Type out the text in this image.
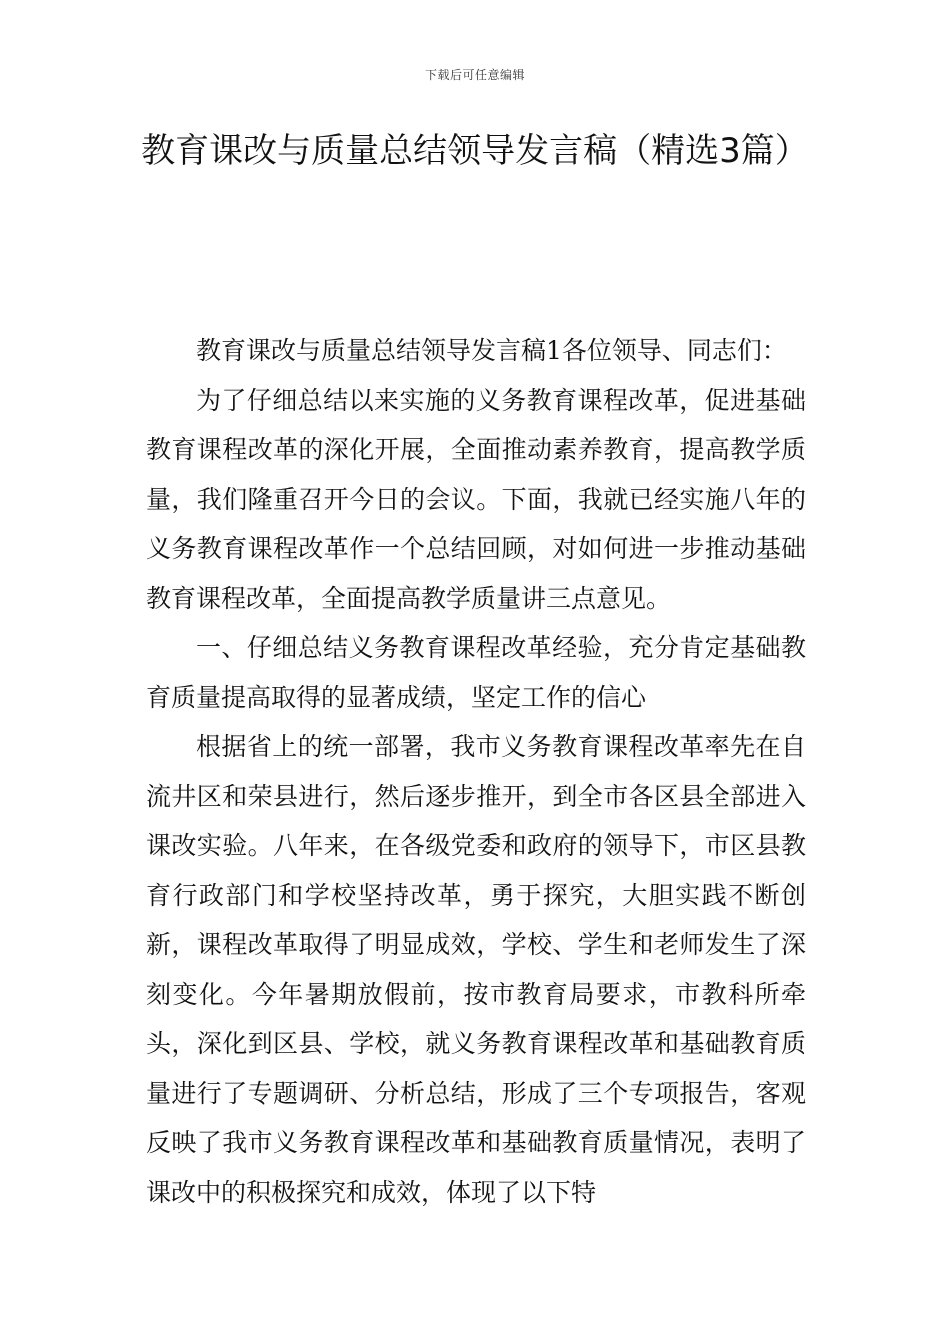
下载后可任意编辑
教育课改与质量总结领导发言稿（精选3篇）

教育课改与质量总结领导发言稿1各位领导、同志们：

为了仔细总结以来实施的义务教育课程改革，促进基础教育课程改革的深化开展，全面推动素养教育，提高教学质量，我们隆重召开今日的会议。下面，我就已经实施八年的义务教育课程改革作一个总结回顾，对如何进一步推动基础教育课程改革，全面提高教学质量讲三点意见。

一、仔细总结义务教育课程改革经验，充分肯定基础教育质量提高取得的显著成绩，坚定工作的信心

根据省上的统一部署，我市义务教育课程改革率先在自流井区和荣县进行，然后逐步推开，到全市各区县全部进入课改实验。八年来，在各级党委和政府的领导下，市区县教育行政部门和学校坚持改革，勇于探究，大胆实践不断创新，课程改革取得了明显成效，学校、学生和老师发生了深刻变化。今年暑期放假前，按市教育局要求，市教科所牵头，深化到区县、学校，就义务教育课程改革和基础教育质量进行了专题调研、分析总结，形成了三个专项报告，客观反映了我市义务教育课程改革和基础教育质量情况，表明了课改中的积极探究和成效，体现了以下特
